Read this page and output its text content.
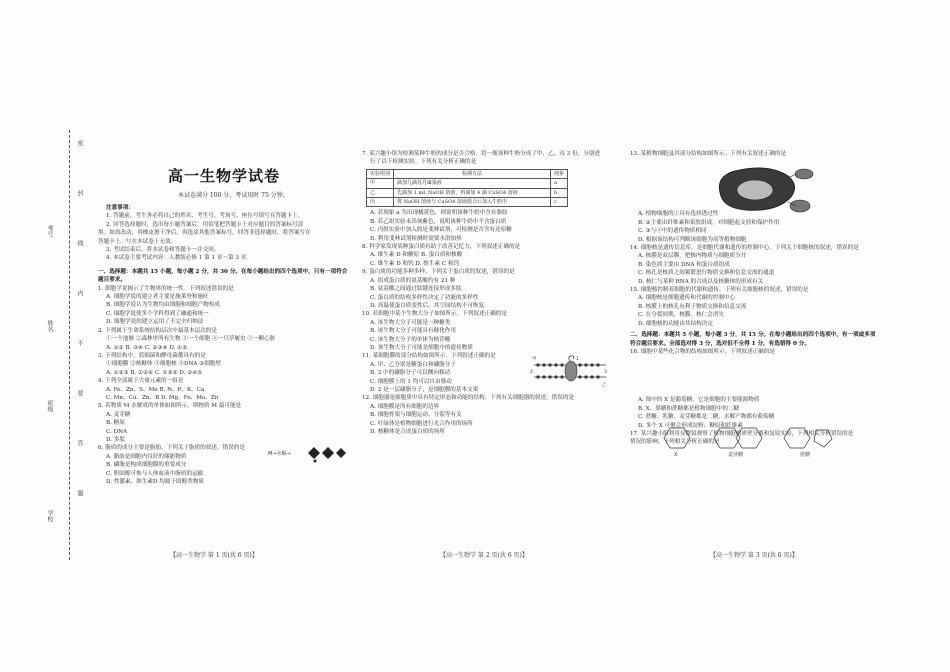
考号
姓名
班级
学校
密
封
线
内
不
要
答
题
高一生物学试卷
本试卷满分 100 分，考试用时 75 分钟。

注意事项：

1. 答题前，考生务必将自己的姓名、考生号、考场号、座位号填写在答题卡上。

2. 回答选择题时，选出每小题答案后，用铅笔把答题卡上对应题目的答案标号涂

黑。如需改动，用橡皮擦干净后，再选涂其他答案标号。回答非选择题时，将答案写在

答题卡上。写在本试卷上无效。

3. 考试结束后，将本试卷和答题卡一并交回。

4. 本试卷主要考试内容：人教版必修 1 第 1 章～第 3 章。

一、选择题：本题共 15 小题，每小题 2 分，共 30 分。在每小题给出的四个选项中，只有一项符合

题目要求。

1. 细胞学说揭示了生物界的统一性。下列叙述错误的是

A. 细胞学说的建立者主要是施莱登和施旺

B. 细胞学说认为生物均由细胞和细胞产物构成

C. 细胞学说使多个学科得到了融通和统一

D. 细胞学说的建立运用了不完全归纳法

2. 下列属于生命系统结构层次中最基本层次的是

①一个池塘 ②森林里所有生物 ③一个细胞 ④一只草履虫 ⑤一颗心脏

A. ①② B. ③④ C. ②③④ D. ①⑤

3. 下列结构中，蓝细菌和酵母菌都具有的是

①细胞膜 ②核糖体 ③细胞核 ④DNA ⑤细胞壁

A. ①②③ B. ①②④ C. ①③⑤ D. ②④⑤

4. 下列全部属于大量元素的一组是

A. Fe、Zn、S、Mo B. N、P、K、Ca

C. Mn、Cu、Zn、B D. Mg、Fe、Mo、Zn

5. 若物质 M 水解成的单体如图所示，则物质 M 最可能是

A. 麦芽糖

B. 糖原

C. DNA

D. 多肽

6. 脂质的成分主要是脂肪。下列关于脂质的叙述，错误的是

A. 脂肪是细胞内良好的储能物质

B. 磷脂是构成细胞膜的重要成分

C. 胆固醇可参与人体血液中脂质的运输

D. 性激素、维生素D 均属于固醇类物质

M→水解→

7. 某兴趣小组为检测某种牛奶的成分是否合格，将一瓶该种牛奶分成了甲、乙、丙 3 份，分别进

行了以下检测实验。下列有关分析正确的是

实验组别	检测方法	现象
甲	滴加几滴苏丹Ⅲ染液	a
乙	先滴加 1 mL NaOH 溶液，再滴加 4 滴 CuSO4 溶液	b
丙	将 NaOH 溶液与 CuSO4 溶液混合后加入牛奶中	c

A. 若现象 a 为出现橘黄色，则说明该种牛奶中含有脂肪

B. 若乙组实验未出现紫色，说明该种牛奶中不含蛋白质

C. 丙组实验中加入的是斐林试剂，可检测是否含有还原糖

D. 利用斐林试剂检测时需要水浴加热

8. 科学家发现某种蛋白质有助于改善记忆力，下列叙述正确的是

A. 维生素 D 和糖原 B. 蛋白质和核酸

C. 维生素 D 和钙 D. 维生素 C 和钙

9. 蛋白质的功能多种多样。下列关于蛋白质的叙述，错误的是

A. 组成蛋白质的氨基酸约有 21 种

B. 氨基酸之间通过肽键连接形成多肽

C. 蛋白质的结构多样性决定了功能的多样性

D. 高温使蛋白质变性后，其空间结构不可恢复

10. 若细胞中某个生物大分子如图所示。下列叙述正确的是

A. 该生物大分子可能是一种糖类

B. 该生物大分子可能具有催化作用

C. 该生物大分子的单体为核苷酸

D. 该生物大分子可能是细胞中的遗传物质

11. 某细胞膜的部分结构如图所示。下列叙述正确的是

A. 甲、乙分别是糖蛋白和磷脂分子

B. 3 中的磷脂分子可以侧向移动

C. 细胞膜上的 1 均可以自由移动

D. 2 是一层磷脂分子，是细胞膜的基本支架

12. 细胞器是细胞质中具有特定形态和功能的结构。下列有关细胞器的叙述，错误的是

A. 细胞膜是所有细胞的边界

B. 细胞骨架与细胞运动、分裂等有关

C. 叶绿体是植物细胞进行光合作用的场所

D. 核糖体是合成蛋白质的场所

甲
乙
1
2	3

13. 某植物细胞及其部分结构如图所示。下列有关叙述正确的是

A. 植物细胞的①具有选择透过性

B. ②主要由纤维素和果胶组成，对细胞起支持和保护作用

C. ③与④中的遗传物质相同

D. 根据该结构可判断该细胞为高等植物细胞

14. 细胞核是遗传信息库，是细胞代谢和遗传的控制中心。下列关于细胞核的叙述，错误的是

A. 核膜是双层膜，把核内物质与细胞质分开

B. 染色质主要由 DNA 和蛋白质组成

C. 核孔是核质之间频繁进行物质交换和信息交流的通道

D. 核仁与某种 RNA 的合成以及核糖体的形成有关

15. 细胞核控制着细胞的代谢和遗传。下列有关细胞核的叙述，错误的是

A. 细胞核是细胞遗传和代谢的控制中心

B. 核膜上的核孔有利于物质交换和信息交流

C. 在分裂间期，核膜、核仁会消失

D. 细胞核的功能由其结构决定

二、选择题：本题共 5 小题，每小题 3 分，共 15 分。在每小题给出的四个选项中，有一项或多项

符合题目要求。全部选对得 3 分，选对但不全得 1 分，有选错得 0 分。

16. 细胞中某些化合物的结构如图所示。下列叙述正确的是

A. 图中的 X 是葡萄糖，它是细胞的主要能源物质

B. X、果糖和蔗糖都是植物细胞中的二糖

C. 蔗糖、乳糖、麦芽糖都是二糖，水解产物都有葡萄糖

D. 多个 X 可聚合形成淀粉、糖原和纤维素

17. 某兴趣小组利用显微镜观察了植物细胞的质壁分离和复原实验，下列相关分析错误的是

情况的影响。下列相关分析正确的是

X	麦芽糖	蔗糖
【高一生物学 第 1 页(共 6 页)】	【高一生物学 第 2 页(共 6 页)】	【高一生物学 第 3 页(共 6 页)】
